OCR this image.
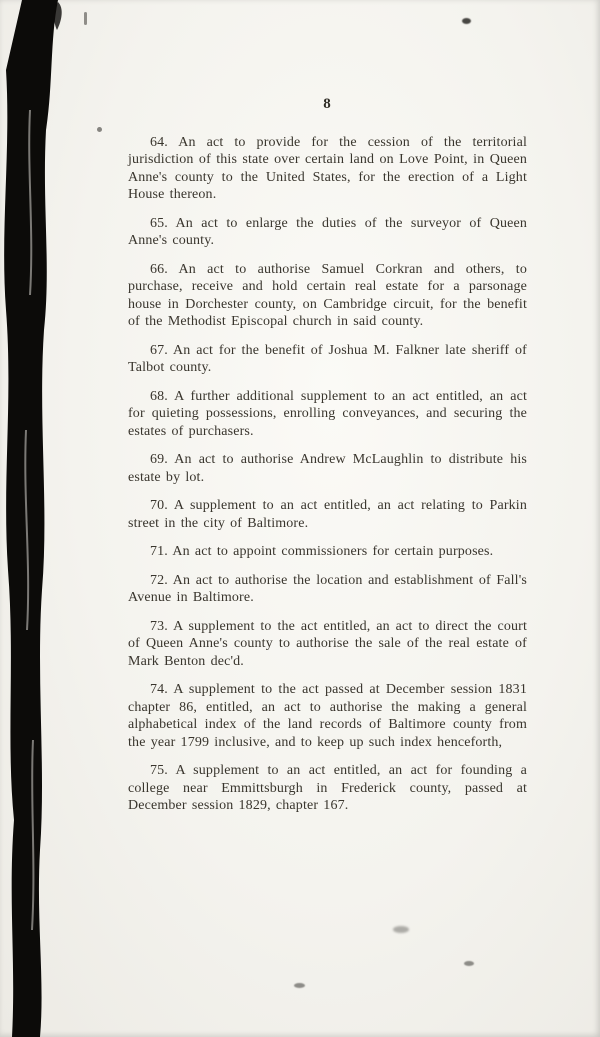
8

64. An act to provide for the cession of the territorial jurisdiction of this state over certain land on Love Point, in Queen Anne's county to the United States, for the erection of a Light House thereon.

65. An act to enlarge the duties of the surveyor of Queen Anne's county.

66. An act to authorise Samuel Corkran and others, to purchase, receive and hold certain real estate for a parsonage house in Dorchester county, on Cambridge circuit, for the benefit of the Methodist Episcopal church in said county.

67. An act for the benefit of Joshua M. Falkner late sheriff of Talbot county.

68. A further additional supplement to an act entitled, an act for quieting possessions, enrolling conveyances, and securing the estates of purchasers.

69. An act to authorise Andrew McLaughlin to distribute his estate by lot.

70. A supplement to an act entitled, an act relating to Parkin street in the city of Baltimore.

71. An act to appoint commissioners for certain purposes.

72. An act to authorise the location and establishment of Fall's Avenue in Baltimore.

73. A supplement to the act entitled, an act to direct the court of Queen Anne's county to authorise the sale of the real estate of Mark Benton dec'd.

74. A supplement to the act passed at December session 1831 chapter 86, entitled, an act to authorise the making a general alphabetical index of the land records of Baltimore county from the year 1799 inclusive, and to keep up such index henceforth,

75. A supplement to an act entitled, an act for founding a college near Emmittsburgh in Frederick county, passed at December session 1829, chapter 167.
